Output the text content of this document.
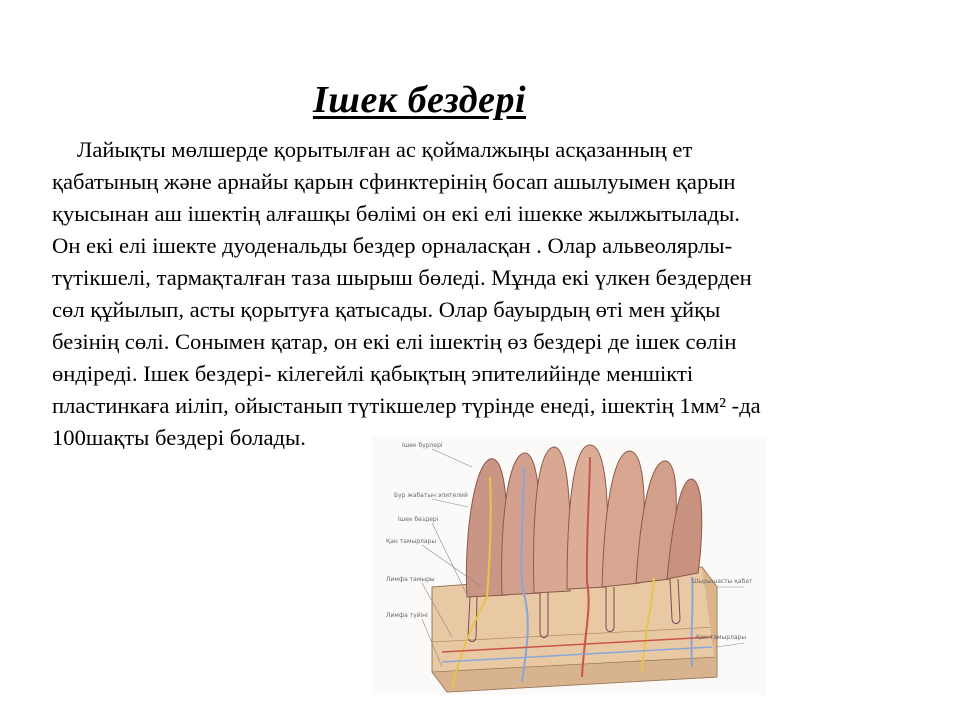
Ішек бездері
Лайықты мөлшерде қорытылған ас қоймалжыңы асқазанның ет
қабатының және арнайы қарын сфинктерінің босап ашылуымен қарын
қуысынан аш ішектің алғашқы бөлімі он екі елі ішекке жылжытылады.
Он екі елі ішекте дуоденальды бездер орналасқан . Олар альвеолярлы-
түтікшелі, тармақталған таза шырыш бөледі. Мұнда екі үлкен бездерден
сөл құйылып, асты қорытуға қатысады. Олар бауырдың өті мен ұйқы
безінің сөлі. Сонымен қатар, он екі елі ішектің өз бездері де ішек сөлін
өндіреді. Ішек бездері- кілегейлі қабықтың эпителийінде меншікті
пластинкаға иіліп, ойыстанып түтікшелер түрінде енеді, ішектің 1мм² -да
100шақты бездері болады.	Ішек бүрлері
Бүр жабатын эпителий
Ішек бездері
Қан тамырлары
Лимфа тамыры
Лимфа түйіні
Шырышасты қабат
Қан тамырлары
